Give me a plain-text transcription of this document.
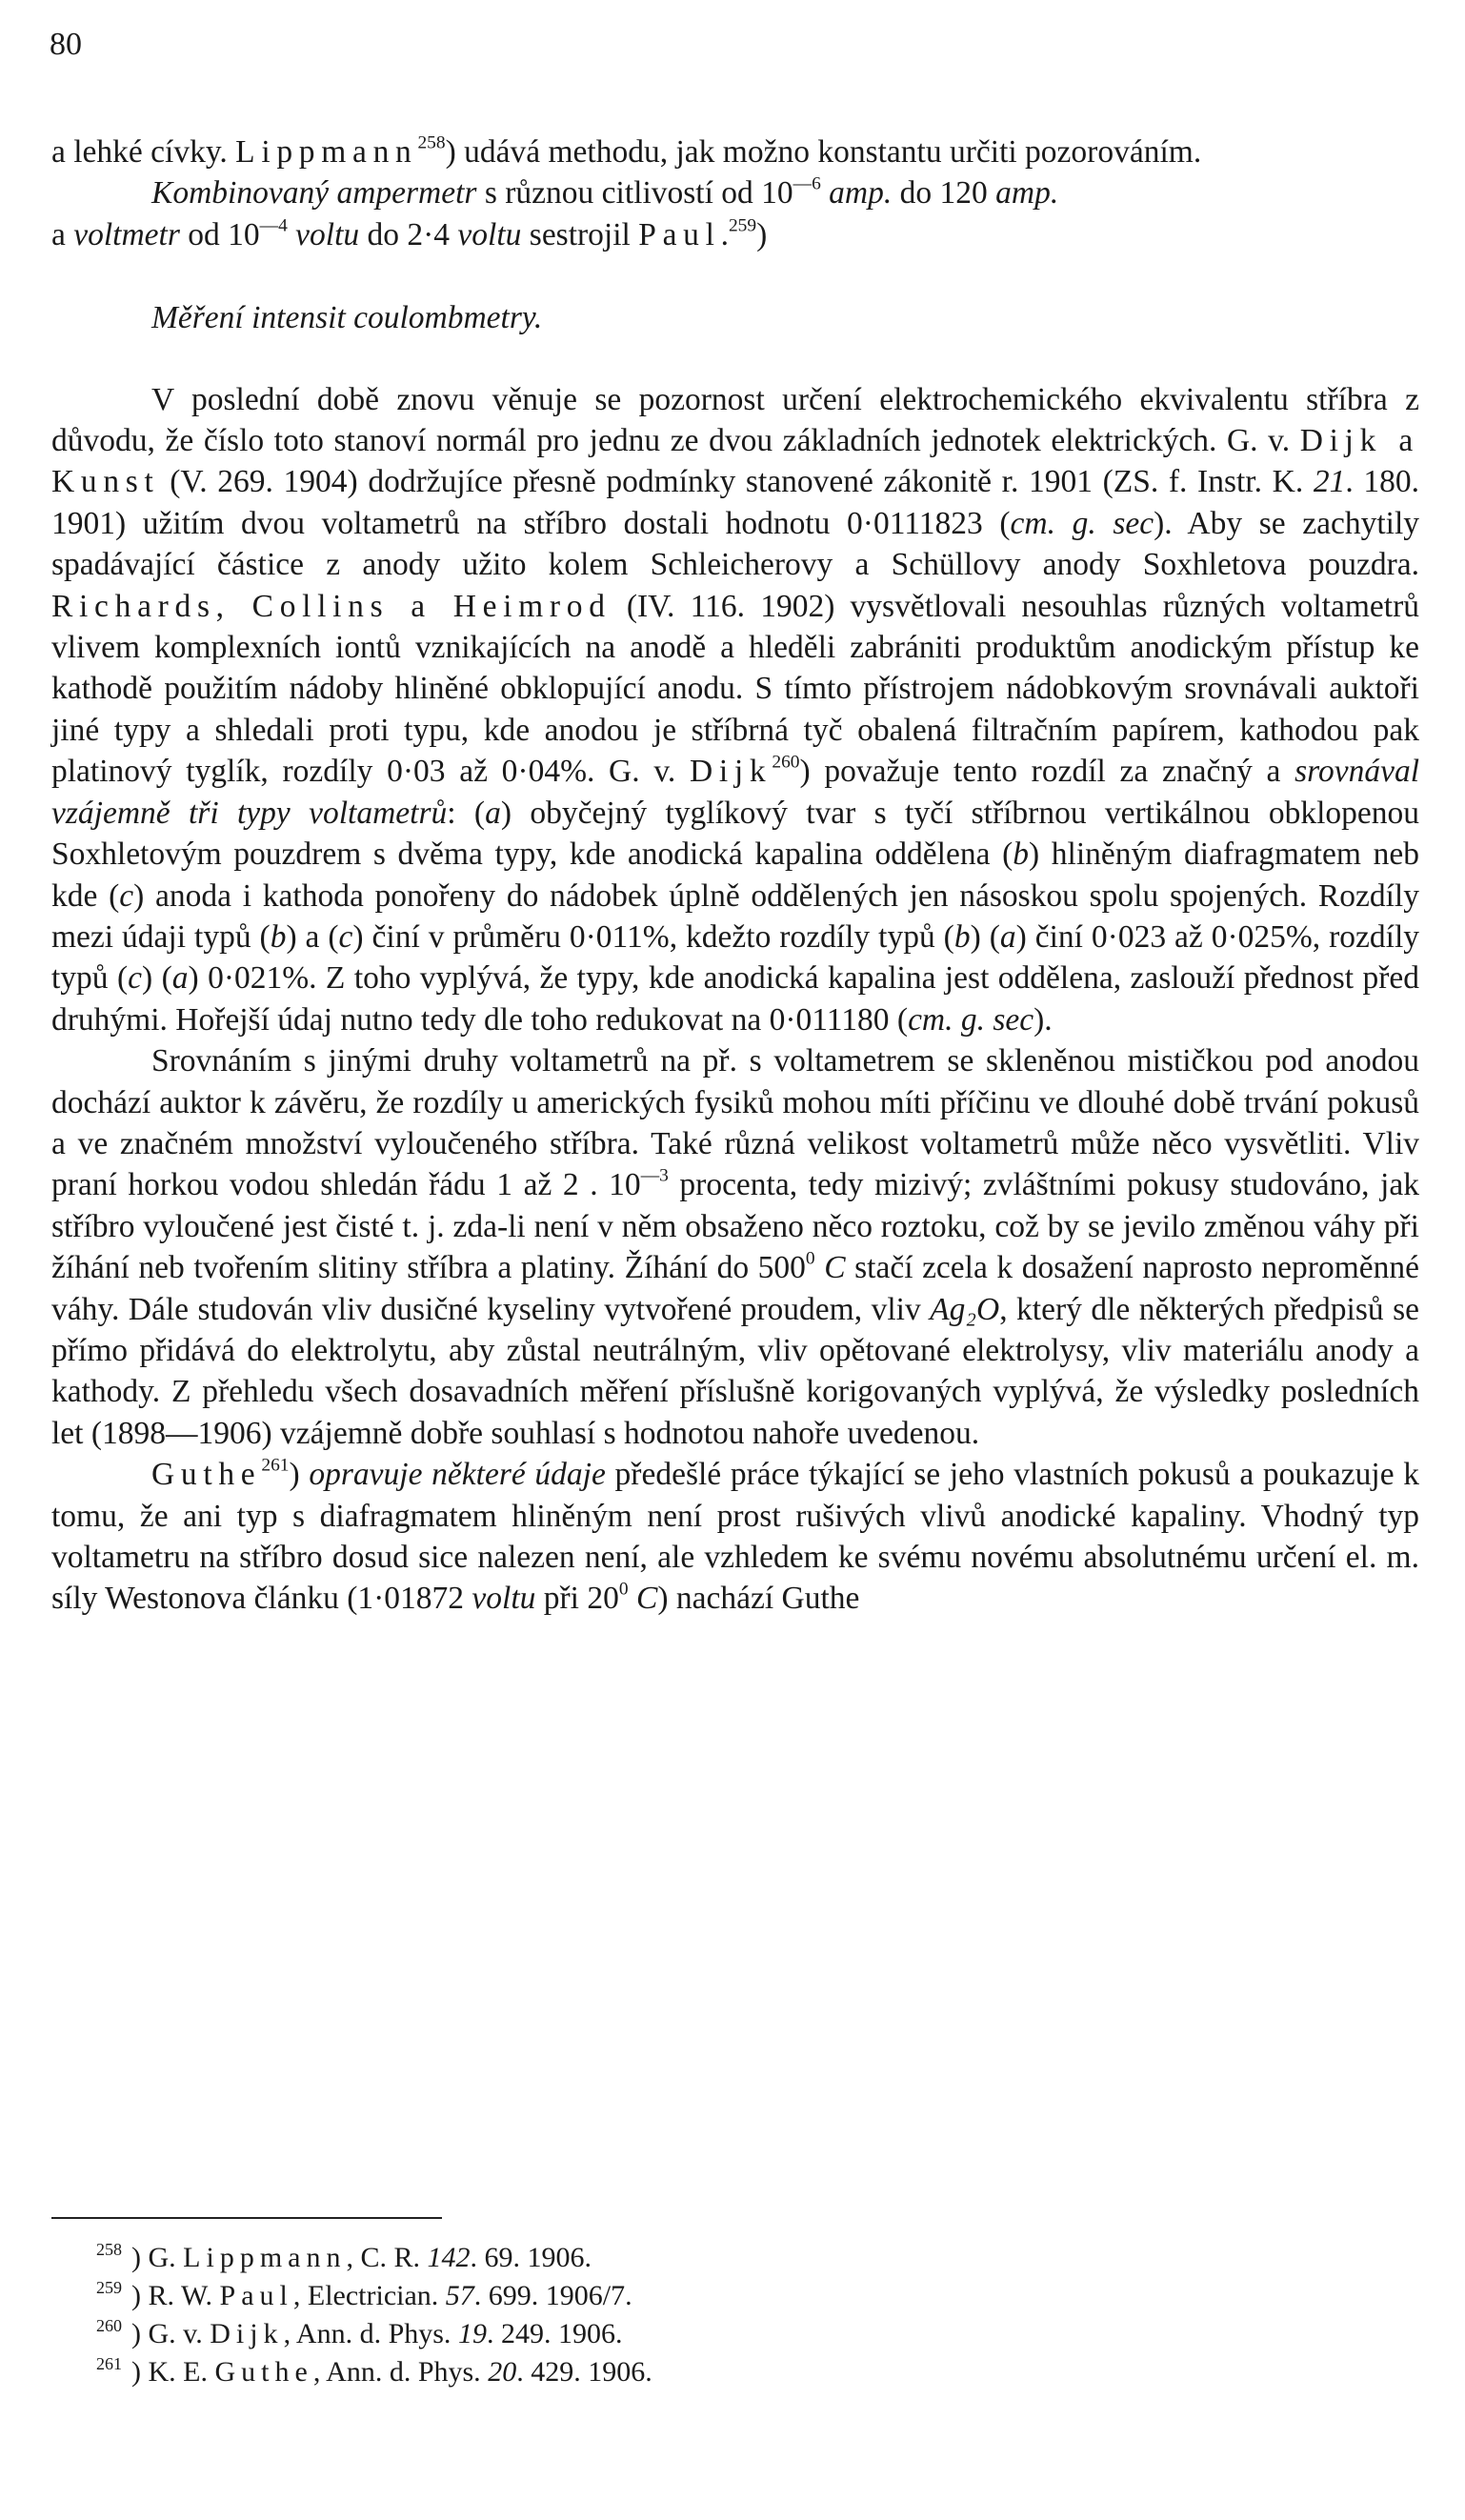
80

a lehké cívky. Lippmann$^{258}$) udává methodu, jak možno konstantu určiti pozorováním.

Kombinovaný ampermetr s různou citlivostí od $10^{—6}$ amp. do 120 amp.
a voltmetr od $10^{—4}$ voltu do 2·4 voltu sestrojil Paul.$^{259}$)

Měření intensit coulombmetry.

V poslední době znovu věnuje se pozornost určení elektrochemického ekvivalentu stříbra z důvodu, že číslo toto stanoví normál pro jednu ze dvou základních jednotek elektrických. G. v. Dijk a Kunst (V. 269. 1904) dodržujíce přesně podmínky stanovené zákonitě r. 1901 (ZS. f. Instr. K. 21. 180. 1901) užitím dvou voltametrů na stříbro dostali hodnotu 0·0111823 (cm. g. sec). Aby se zachytily spadávající částice z anody užito kolem Schleicherovy a Schüllovy anody Soxhletova pouzdra. Richards, Collins a Heimrod (IV. 116. 1902) vysvětlovali nesouhlas různých voltametrů vlivem komplexních iontů vznikajících na anodě a hleděli zabrániti produktům anodickým přístup ke kathodě použitím nádoby hliněné obklopující anodu. S tímto přístrojem nádobkovým srovnávali auktoři jiné typy a shledali proti typu, kde anodou je stříbrná tyč obalená filtračním papírem, kathodou pak platinový tyglík, rozdíly 0·03 až 0·04%. G. v. Dijk$^{260}$) považuje tento rozdíl za značný a srovnával vzájemně tři typy voltametrů: (a) obyčejný tyglíkový tvar s tyčí stříbrnou vertikálnou obklopenou Soxhletovým pouzdrem s dvěma typy, kde anodická kapalina oddělena (b) hliněným diafragmatem neb kde (c) anoda i kathoda ponořeny do nádobek úplně oddělených jen násoskou spolu spojených. Rozdíly mezi údaji typů (b) a (c) činí v průměru 0·011%, kdežto rozdíly typů (b) (a) činí 0·023 až 0·025%, rozdíly typů (c) (a) 0·021%. Z toho vyplývá, že typy, kde anodická kapalina jest oddělena, zaslouží přednost před druhými. Hořejší údaj nutno tedy dle toho redukovat na 0·011180 (cm. g. sec).

Srovnáním s jinými druhy voltametrů na př. s voltametrem se skleněnou mističkou pod anodou dochází auktor k závěru, že rozdíly u amerických fysiků mohou míti příčinu ve dlouhé době trvání pokusů a ve značném množství vyloučeného stříbra. Také různá velikost voltametrů může něco vysvětliti. Vliv praní horkou vodou shledán řádu 1 až 2 . $10^{—3}$ procenta, tedy mizivý; zvláštními pokusy studováno, jak stříbro vyloučené jest čisté t. j. zda-li není v něm obsaženo něco roztoku, což by se jevilo změnou váhy při žíhání neb tvořením slitiny stříbra a platiny. Žíhání do $500^0$ C stačí zcela k dosažení naprosto neproměnné váhy. Dále studován vliv dusičné kyseliny vytvořené proudem, vliv Ag₂O, který dle některých předpisů se přímo přidává do elektrolytu, aby zůstal neutrálným, vliv opětované elektrolysy, vliv materiálu anody a kathody. Z přehledu všech dosavadních měření příslušně korigovaných vyplývá, že výsledky posledních let (1898—1906) vzájemně dobře souhlasí s hodnotou nahoře uvedenou.

Guthe$^{261}$) opravuje některé údaje předešlé práce týkající se jeho vlastních pokusů a poukazuje k tomu, že ani typ s diafragmatem hliněným není prost rušivých vlivů anodické kapaliny. Vhodný typ voltametru na stříbro dosud sice nalezen není, ale vzhledem ke svému novému absolutnému určení el. m. síly Westonova článku (1·01872 voltu při $20^0$ C) nachází Guthe

$^{258}$ ) G. Lippmann, C. R. 142. 69. 1906.
$^{259}$ ) R. W. Paul, Electrician. 57. 699. 1906/7.
$^{260}$ ) G. v. Dijk, Ann. d. Phys. 19. 249. 1906.
$^{261}$ ) K. E. Guthe, Ann. d. Phys. 20. 429. 1906.
